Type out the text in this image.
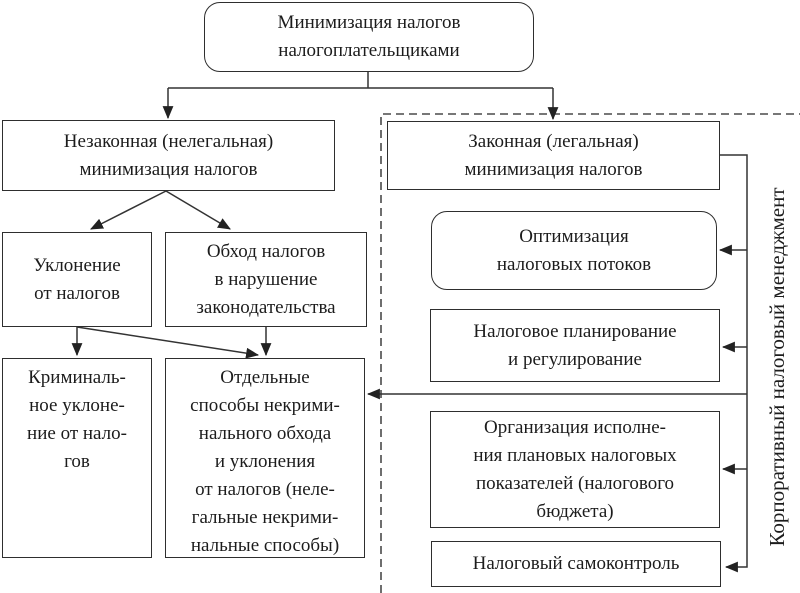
Минимизация налогов
налогоплательщиками
Незаконная (нелегальная)
минимизация налогов
Уклонение
от налогов
Обход налогов
в нарушение
законодательства
Криминаль-
ное уклоне-
ние от нало-
гов
Отдельные
способы некрими-
нального обхода
и уклонения
от налогов (неле-
гальные некрими-
нальные способы)
Законная (легальная)
минимизация налогов
Оптимизация
налоговых потоков
Налоговое планирование
и регулирование
Организация исполне-
ния плановых налоговых
показателей (налогового
бюджета)
Налоговый самоконтроль
Корпоративный налоговый менеджмент
